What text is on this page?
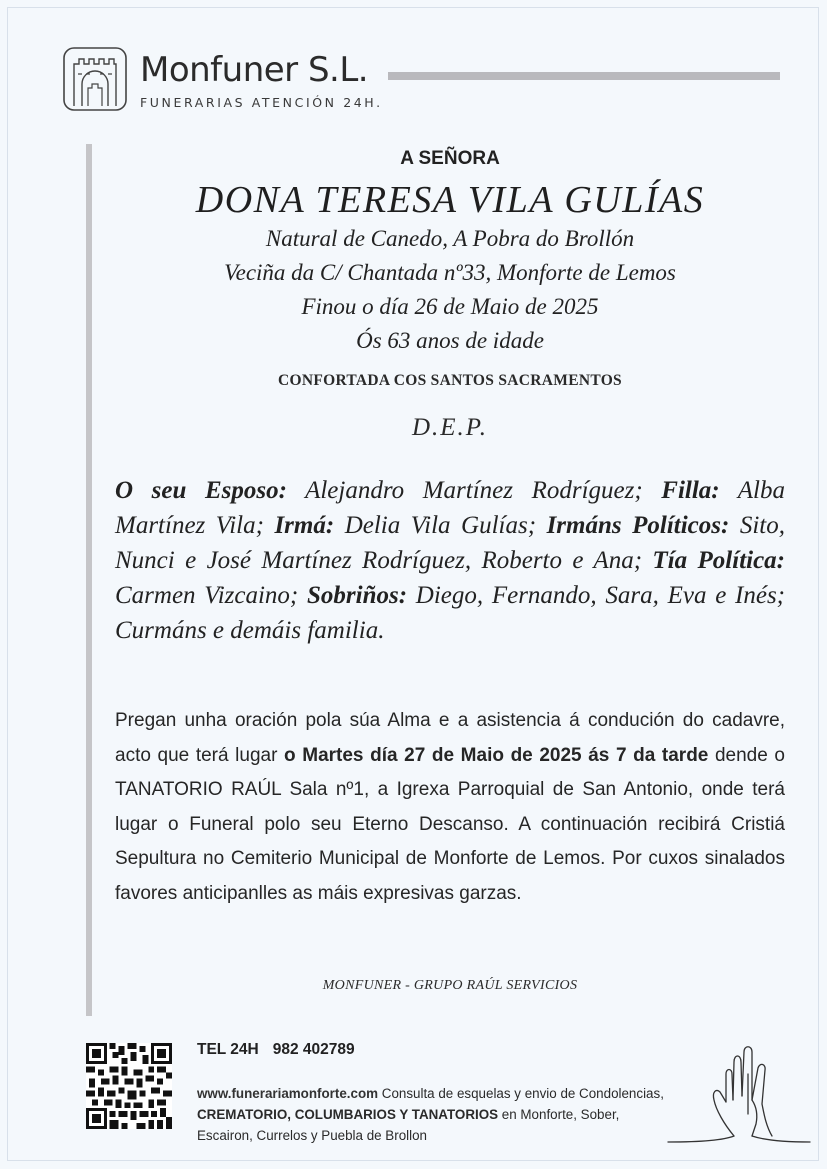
Monfuner S.L.
FUNERARIAS ATENCIÓN 24H.
A SEÑORA
DONA TERESA VILA GULÍAS
Natural de Canedo, A Pobra do Brollón
Veciña da C/ Chantada nº33, Monforte de Lemos
Finou o día 26 de Maio de 2025
Ós 63 anos de idade
CONFORTADA COS SANTOS SACRAMENTOS
D.E.P.
O seu Esposo: Alejandro Martínez Rodríguez; Filla: Alba Martínez Vila; Irmá: Delia Vila Gulías; Irmáns Políticos: Sito, Nunci e José Martínez Rodríguez, Roberto e Ana; Tía Política: Carmen Vizcaino; Sobriños: Diego, Fernando, Sara, Eva e Inés; Curmáns e demáis familia.
Pregan unha oración pola súa Alma e a asistencia á condución do cadavre, acto que terá lugar o Martes día 27 de Maio de 2025 ás 7 da tarde dende o TANATORIO RAÚL Sala nº1, a Igrexa Parroquial de San Antonio, onde terá lugar o Funeral polo seu Eterno Descanso. A continuación recibirá Cristiá Sepultura no Cemiterio Municipal de Monforte de Lemos. Por cuxos sinalados favores anticipanlles as máis expresivas garzas.
MONFUNER - GRUPO RAÚL SERVICIOS
TEL 24H 982 402789
www.funerariamonforte.com Consulta de esquelas y envio de Condolencias, CREMATORIO, COLUMBARIOS Y TANATORIOS en Monforte, Sober, Escairon, Currelos y Puebla de Brollon
